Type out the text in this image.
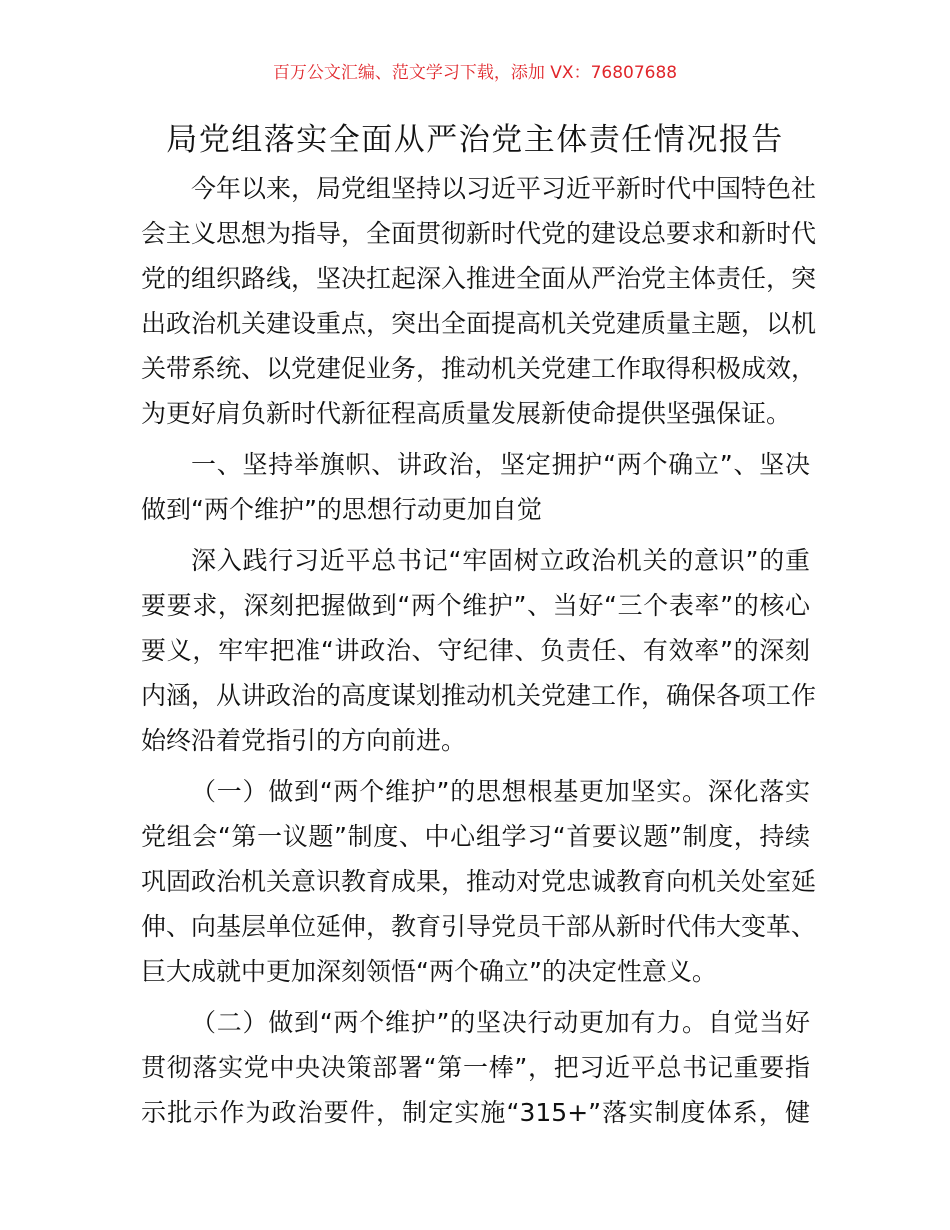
百万公文汇编、范文学习下载，添加 VX：76807688
局党组落实全面从严治党主体责任情况报告
今年以来，局党组坚持以习近平习近平新时代中国特色社
会主义思想为指导，全面贯彻新时代党的建设总要求和新时代
党的组织路线，坚决扛起深入推进全面从严治党主体责任，突
出政治机关建设重点，突出全面提高机关党建质量主题，以机
关带系统、以党建促业务，推动机关党建工作取得积极成效，
为更好肩负新时代新征程高质量发展新使命提供坚强保证。
一、坚持举旗帜、讲政治，坚定拥护“两个确立”、坚决
做到“两个维护”的思想行动更加自觉
深入践行习近平总书记“牢固树立政治机关的意识”的重
要要求，深刻把握做到“两个维护”、当好“三个表率”的核心
要义，牢牢把准“讲政治、守纪律、负责任、有效率”的深刻
内涵，从讲政治的高度谋划推动机关党建工作，确保各项工作
始终沿着党指引的方向前进。
（一）做到“两个维护”的思想根基更加坚实。深化落实
党组会“第一议题”制度、中心组学习“首要议题”制度，持续
巩固政治机关意识教育成果，推动对党忠诚教育向机关处室延
伸、向基层单位延伸，教育引导党员干部从新时代伟大变革、
巨大成就中更加深刻领悟“两个确立”的决定性意义。
（二）做到“两个维护”的坚决行动更加有力。自觉当好
贯彻落实党中央决策部署“第一棒”，把习近平总书记重要指
示批示作为政治要件，制定实施“315+”落实制度体系，健
